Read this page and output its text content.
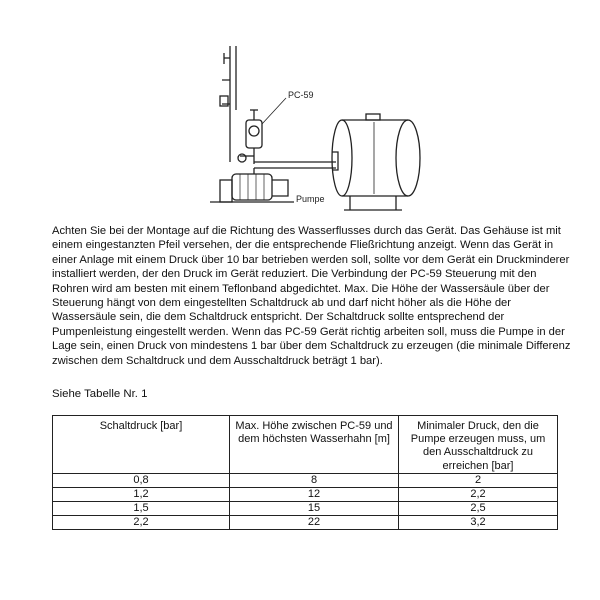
PC-59
Pumpe

Achten Sie bei der Montage auf die Richtung des Wasserflusses durch das Gerät. Das Gehäuse ist mit einem eingestanzten Pfeil versehen, der die entsprechende Fließrichtung anzeigt. Wenn das Gerät in einer Anlage mit einem Druck über 10 bar betrieben werden soll, sollte vor dem Gerät ein Druckminderer installiert werden, der den Druck im Gerät reduziert. Die Verbindung der PC-59 Steuerung mit den Rohren wird am besten mit einem Teflonband abgedichtet. Max. Die Höhe der Wassersäule über der Steuerung hängt von dem eingestellten Schaltdruck ab und darf nicht höher als die Höhe der Wassersäule sein, die dem Schaltdruck entspricht. Der Schaltdruck sollte entsprechend der Pumpenleistung eingestellt werden. Wenn das PC-59 Gerät richtig arbeiten soll, muss die Pumpe in der Lage sein, einen Druck von mindestens 1 bar über dem Schaltdruck zu erzeugen (die minimale Differenz zwischen dem Schaltdruck und dem Ausschaltdruck beträgt 1 bar).

Siehe Tabelle Nr. 1

Schaltdruck [bar]	Max. Höhe zwischen PC-59 und dem höchsten Wasserhahn [m]	Minimaler Druck, den die Pumpe erzeugen muss, um den Ausschaltdruck zu erreichen [bar]
0,8	8	2
1,2	12	2,2
1,5	15	2,5
2,2	22	3,2
